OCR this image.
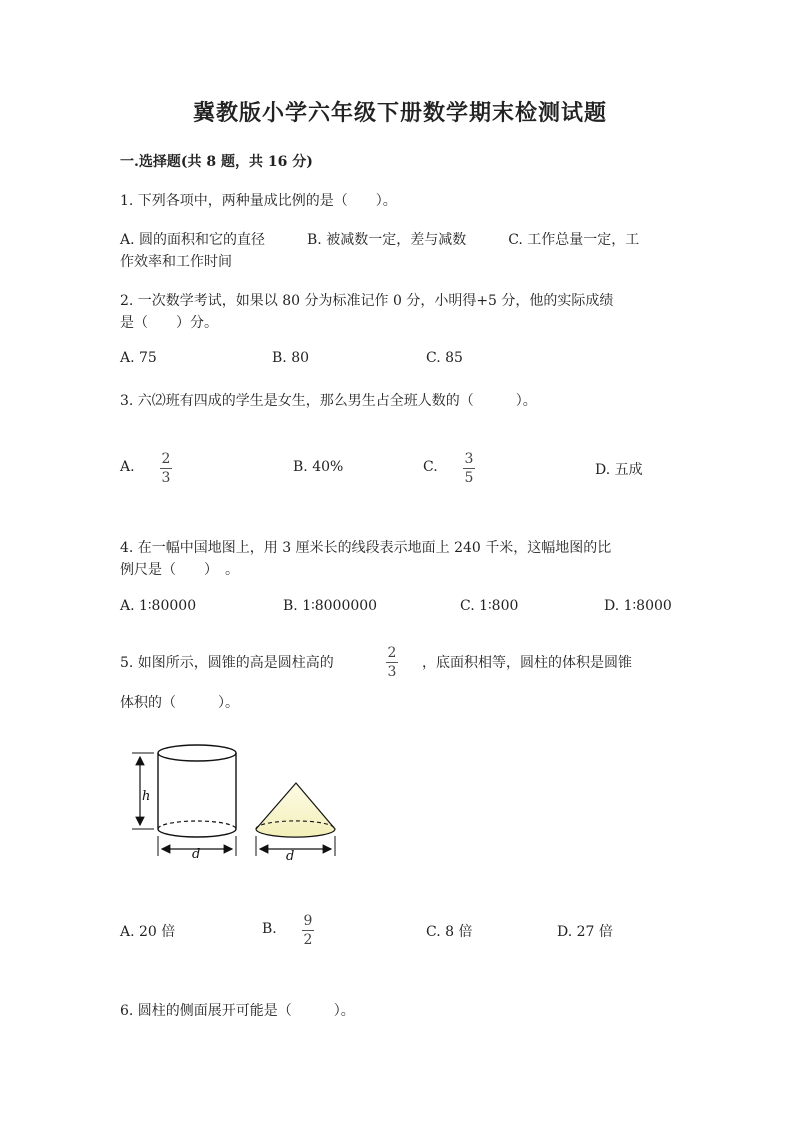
冀教版小学六年级下册数学期末检测试题
一.选择题(共 8 题，共 16 分)
1. 下列各项中，两种量成比例的是（　　）。
A. 圆的面积和它的直径　　　B. 被减数一定，差与减数　　　C. 工作总量一定，工
作效率和工作时间
2. 一次数学考试，如果以 80 分为标准记作 0 分，小明得+5 分，他的实际成绩
是（　　）分。
A. 75	B. 80	C. 85
3. 六⑵班有四成的学生是女生，那么男生占全班人数的（　　　）。
A. 2
3
B. 40%	C. 3
5	D. 五成
4. 在一幅中国地图上，用 3 厘米长的线段表示地面上 240 千米，这幅地图的比
例尺是（　　）　。
A. 1∶80000	B. 1∶8000000	C. 1∶800	D. 1∶8000
5. 如图所示，圆锥的高是圆柱高的
2
3
，底面积相等，圆柱的体积是圆锥
体积的（　　　）。
h
d	d
A. 20 倍	B. 9
2	C. 8 倍	D. 27 倍
6. 圆柱的侧面展开可能是（　　　）。
